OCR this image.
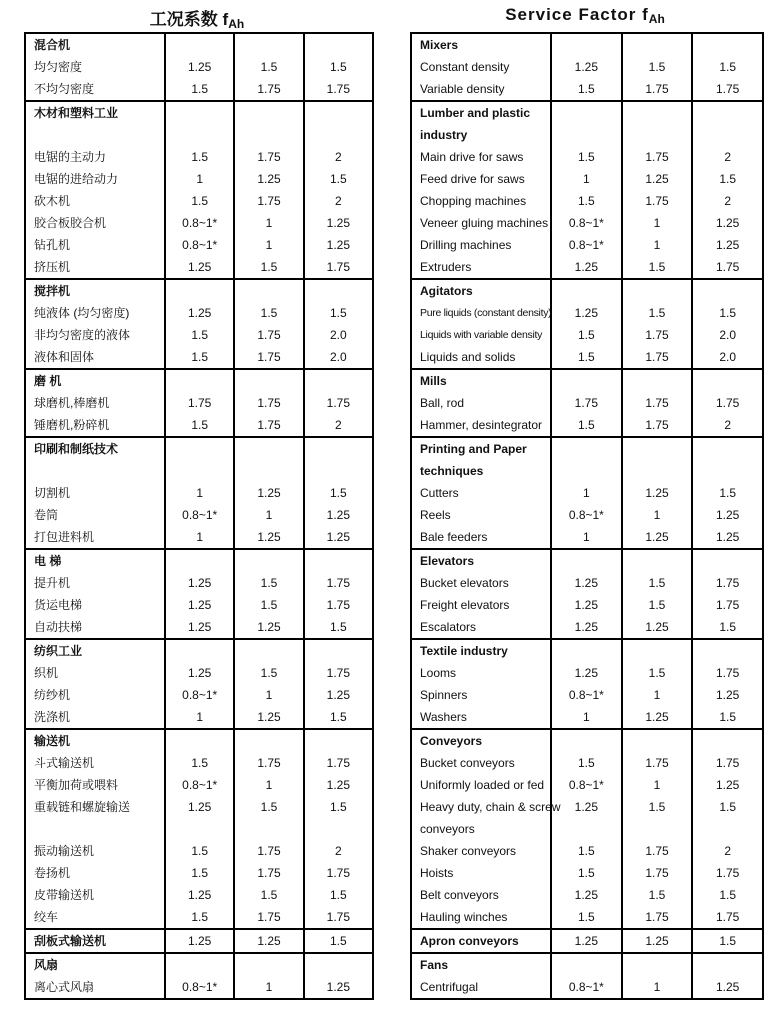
工况系数 fAh	Service Factor fAh
混合机
均匀密度	1.25	1.5	1.5
不均匀密度	1.5	1.75	1.75
木材和塑料工业
电锯的主动力	1.5	1.75	2
电锯的进给动力	1	1.25	1.5
砍木机	1.5	1.75	2
胶合板胶合机	0.8~1*	1	1.25
钻孔机	0.8~1*	1	1.25
挤压机	1.25	1.5	1.75
搅拌机
纯液体 (均匀密度)	1.25	1.5	1.5
非均匀密度的液体	1.5	1.75	2.0
液体和固体	1.5	1.75	2.0
磨 机
球磨机,棒磨机	1.75	1.75	1.75
锤磨机,粉碎机	1.5	1.75	2
印刷和制纸技术
切割机	1	1.25	1.5
卷筒	0.8~1*	1	1.25
打包进料机	1	1.25	1.25
电 梯
提升机	1.25	1.5	1.75
货运电梯	1.25	1.5	1.75
自动扶梯	1.25	1.25	1.5
纺织工业
织机	1.25	1.5	1.75
纺纱机	0.8~1*	1	1.25
洗涤机	1	1.25	1.5
输送机
斗式输送机	1.5	1.75	1.75
平衡加荷或喂料	0.8~1*	1	1.25
重载链和螺旋输送	1.25	1.5	1.5
振动输送机	1.5	1.75	2
卷扬机	1.5	1.75	1.75
皮带输送机	1.25	1.5	1.5
绞车	1.5	1.75	1.75
刮板式输送机	1.25	1.25	1.5
风扇
离心式风扇	0.8~1*	1	1.25
Mixers
Constant density	1.25	1.5	1.5
Variable density	1.5	1.75	1.75
Lumber and plastic
industry
Main drive for saws	1.5	1.75	2
Feed drive for saws	1	1.25	1.5
Chopping machines	1.5	1.75	2
Veneer gluing machines	0.8~1*	1	1.25
Drilling machines	0.8~1*	1	1.25
Extruders	1.25	1.5	1.75
Agitators
Pure liquids (constant density)	1.25	1.5	1.5
Liquids with variable density	1.5	1.75	2.0
Liquids and solids	1.5	1.75	2.0
Mills
Ball, rod	1.75	1.75	1.75
Hammer, desintegrator	1.5	1.75	2
Printing and Paper
techniques
Cutters	1	1.25	1.5
Reels	0.8~1*	1	1.25
Bale feeders	1	1.25	1.25
Elevators
Bucket elevators	1.25	1.5	1.75
Freight elevators	1.25	1.5	1.75
Escalators	1.25	1.25	1.5
Textile industry
Looms	1.25	1.5	1.75
Spinners	0.8~1*	1	1.25
Washers	1	1.25	1.5
Conveyors
Bucket conveyors	1.5	1.75	1.75
Uniformly loaded or fed	0.8~1*	1	1.25
Heavy duty, chain & screw	1.25	1.5	1.5
conveyors
Shaker conveyors	1.5	1.75	2
Hoists	1.5	1.75	1.75
Belt conveyors	1.25	1.5	1.5
Hauling winches	1.5	1.75	1.75
Apron conveyors	1.25	1.25	1.5
Fans
Centrifugal	0.8~1*	1	1.25
